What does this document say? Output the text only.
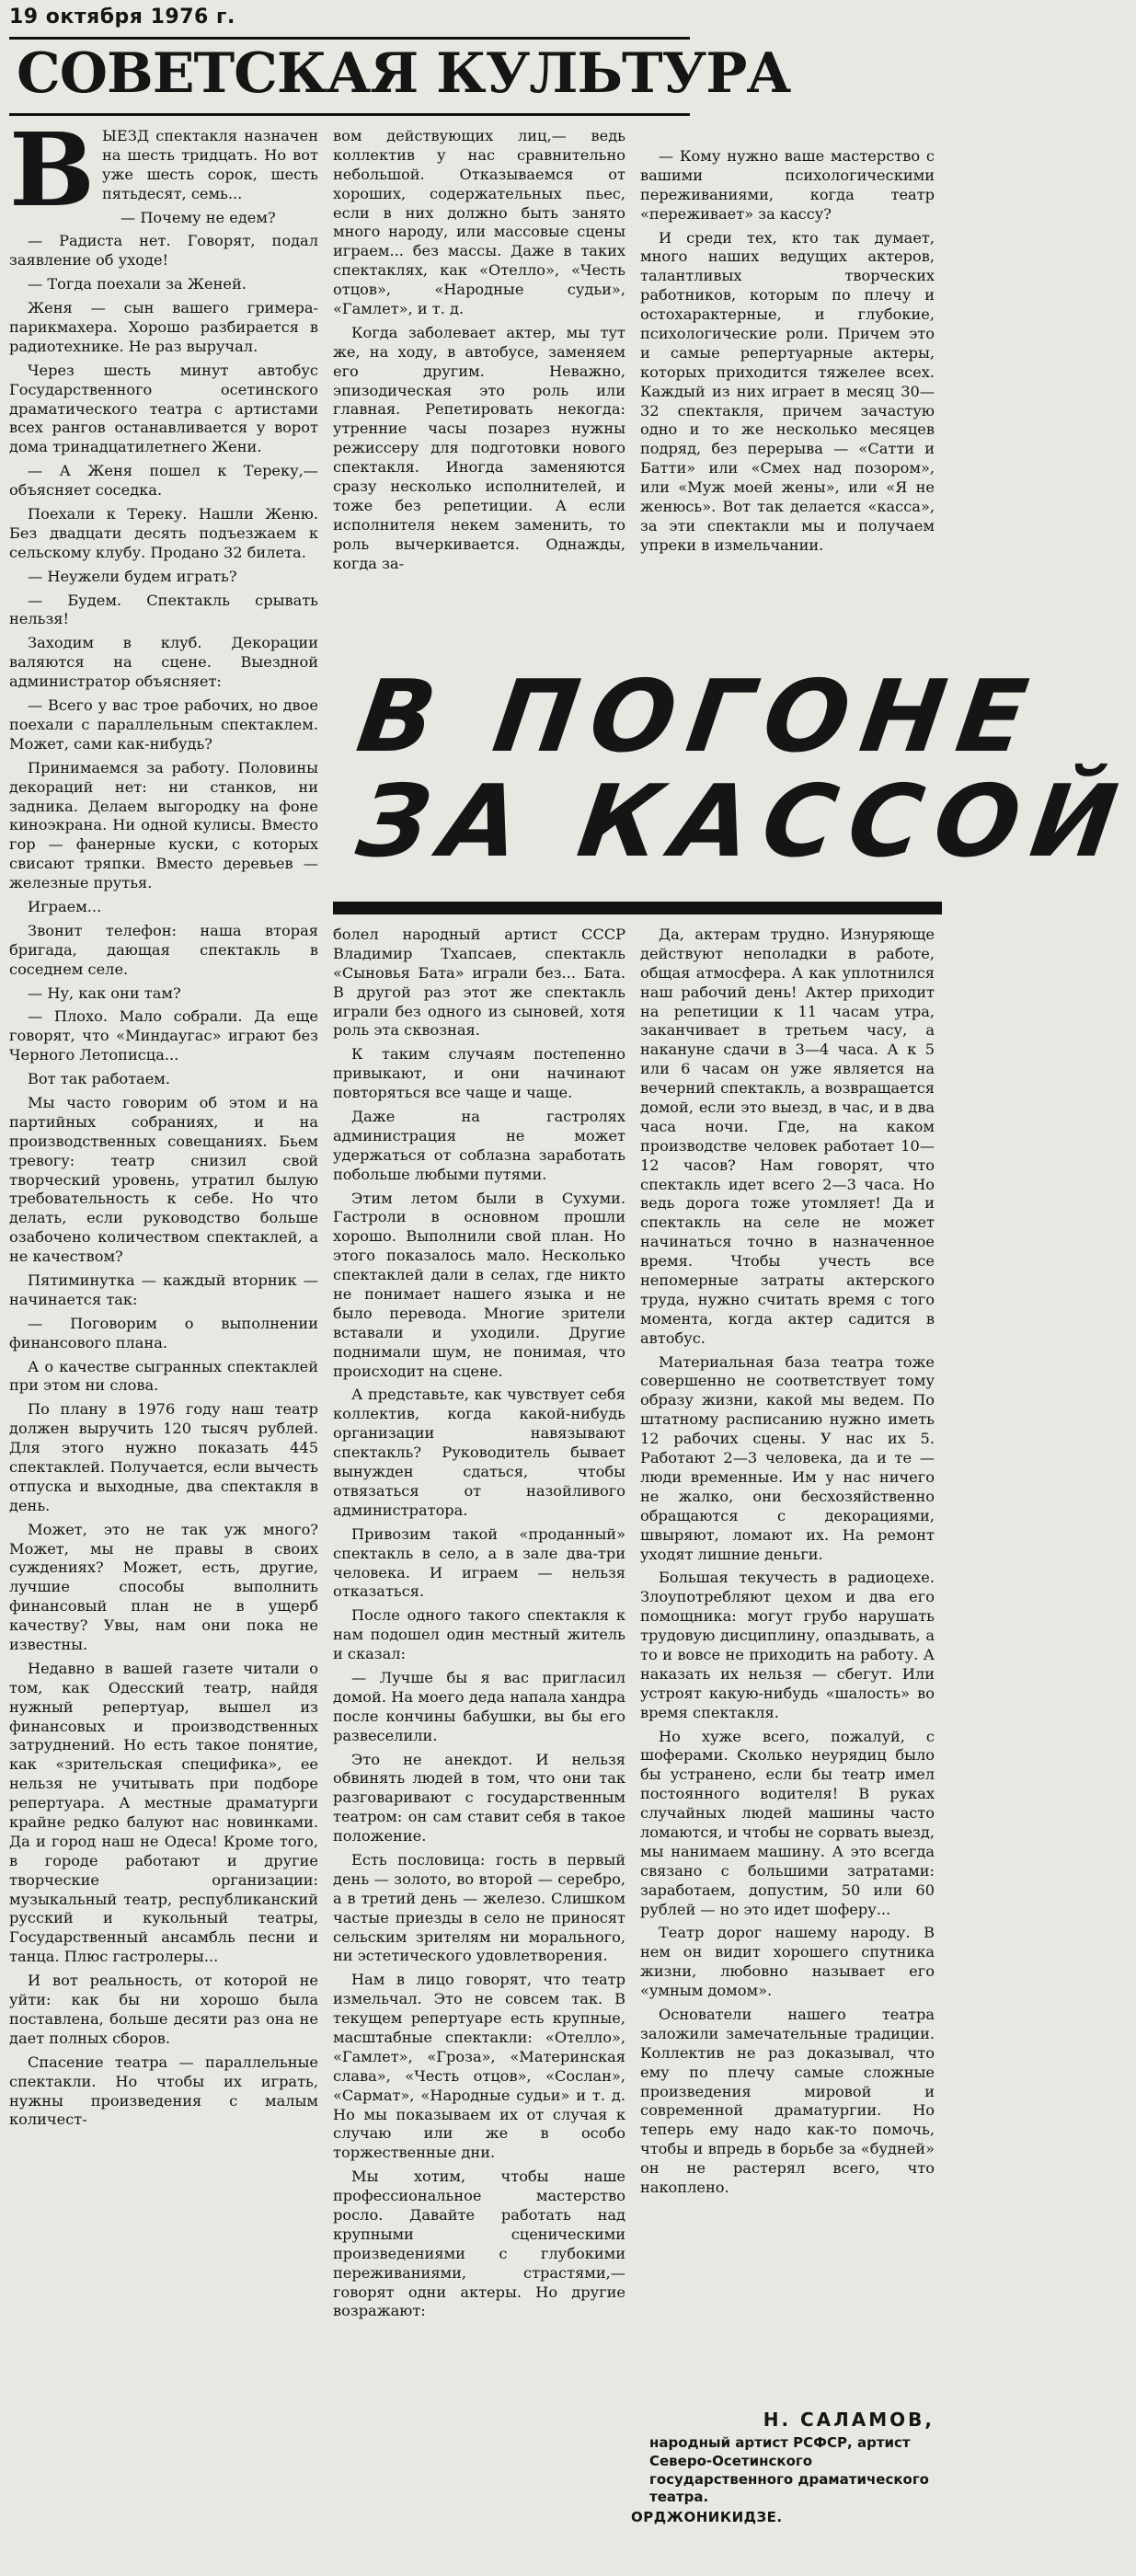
19 октября 1976 г.
СОВЕТСКАЯ КУЛЬТУРА
В ЫЕЗД спектакля назначен на шесть тридцать. Но вот уже шесть сорок, шесть пятьдесят, семь...

— Почему не едем?

— Радиста нет. Говорят, подал заявление об уходе!

— Тогда поехали за Женей.

Женя — сын вашего гримера-парикмахера. Хорошо разбирается в радиотехнике. Не раз выручал.

Через шесть минут автобус Государственного осетинского драматического театра с артистами всех рангов останавливается у ворот дома тринадцатилетнего Жени.

— А Женя пошел к Тереку,— объясняет соседка.

Поехали к Тереку. Нашли Женю. Без двадцати десять подъезжаем к сельскому клубу. Продано 32 билета.

— Неужели будем играть?

— Будем. Спектакль срывать нельзя!

Заходим в клуб. Декорации валяются на сцене. Выездной администратор объясняет:

— Всего у вас трое рабочих, но двое поехали с параллельным спектаклем. Может, сами как-нибудь?

Принимаемся за работу. Половины декораций нет: ни станков, ни задника. Делаем выгородку на фоне киноэкрана. Ни одной кулисы. Вместо гор — фанерные куски, с которых свисают тряпки. Вместо деревьев — железные прутья.

Играем...

Звонит телефон: наша вторая бригада, дающая спектакль в соседнем селе.

— Ну, как они там?

— Плохо. Мало собрали. Да еще говорят, что «Миндаугас» играют без Черного Летописца...

Вот так работаем.

Мы часто говорим об этом и на партийных собраниях, и на производственных совещаниях. Бьем тревогу: театр снизил свой творческий уровень, утратил былую требовательность к себе. Но что делать, если руководство больше озабочено количеством спектаклей, а не качеством?

Пятиминутка — каждый вторник — начинается так:

— Поговорим о выполнении финансового плана.

А о качестве сыгранных спектаклей при этом ни слова.

По плану в 1976 году наш театр должен выручить 120 тысяч рублей. Для этого нужно показать 445 спектаклей. Получается, если вычесть отпуска и выходные, два спектакля в день.

Может, это не так уж много? Может, мы не правы в своих суждениях? Может, есть, другие, лучшие способы выполнить финансовый план не в ущерб качеству? Увы, нам они пока не известны.

Недавно в вашей газете читали о том, как Одесский театр, найдя нужный репертуар, вышел из финансовых и производственных затруднений. Но есть такое понятие, как «зрительская специфика», ее нельзя не учитывать при подборе репертуара. А местные драматурги крайне редко балуют нас новинками. Да и город наш не Одеса! Кроме того, в городе работают и другие творческие организации: музыкальный театр, республиканский русский и кукольный театры, Государственный ансамбль песни и танца. Плюс гастролеры...

И вот реальность, от которой не уйти: как бы ни хорошо была поставлена, больше десяти раз она не дает полных сборов.

Спасение театра — параллельные спектакли. Но чтобы их играть, нужны произведения с малым количест-

вом действующих лиц,— ведь коллектив у нас сравнительно небольшой. Отказываемся от хороших, содержательных пьес, если в них должно быть занято много народу, или массовые сцены играем... без массы. Даже в таких спектаклях, как «Отелло», «Честь отцов», «Народные судьи», «Гамлет», и т. д.

Когда заболевает актер, мы тут же, на ходу, в автобусе, заменяем его другим. Неважно, эпизодическая это роль или главная. Репетировать некогда: утренние часы позарез нужны режиссеру для подготовки нового спектакля. Иногда заменяются сразу несколько исполнителей, и тоже без репетиции. А если исполнителя некем заменить, то роль вычеркивается. Однажды, когда за-

— Кому нужно ваше мастерство с вашими психологическими переживаниями, когда театр «переживает» за кассу?

И среди тех, кто так думает, много наших ведущих актеров, талантливых творческих работников, которым по плечу и остохарактерные, и глубокие, психологические роли. Причем это и самые репертуарные актеры, которых приходится тяжелее всех. Каждый из них играет в месяц 30—32 спектакля, причем зачастую одно и то же несколько месяцев подряд, без перерыва — «Сатти и Батти» или «Смех над позором», или «Муж моей жены», или «Я не женюсь». Вот так делается «касса», за эти спектакли мы и получаем упреки в измельчании.

В ПОГОНЕ
ЗА КАССОЙ

болел народный артист СССР Владимир Тхапсаев, спектакль «Сыновья Бата» играли без... Бата. В другой раз этот же спектакль играли без одного из сыновей, хотя роль эта сквозная.

К таким случаям постепенно привыкают, и они начинают повторяться все чаще и чаще.

Даже на гастролях администрация не может удержаться от соблазна заработать побольше любыми путями.

Этим летом были в Сухуми. Гастроли в основном прошли хорошо. Выполнили свой план. Но этого показалось мало. Несколько спектаклей дали в селах, где никто не понимает нашего языка и не было перевода. Многие зрители вставали и уходили. Другие поднимали шум, не понимая, что происходит на сцене.

А представьте, как чувствует себя коллектив, когда какой-нибудь организации навязывают спектакль? Руководитель бывает вынужден сдаться, чтобы отвязаться от назойливого администратора.

Привозим такой «проданный» спектакль в село, а в зале два-три человека. И играем — нельзя отказаться.

После одного такого спектакля к нам подошел один местный житель и сказал:

— Лучше бы я вас пригласил домой. На моего деда напала хандра после кончины бабушки, вы бы его развеселили.

Это не анекдот. И нельзя обвинять людей в том, что они так разговаривают с государственным театром: он сам ставит себя в такое положение.

Есть пословица: гость в первый день — золото, во второй — серебро, а в третий день — железо. Слишком частые приезды в село не приносят сельским зрителям ни морального, ни эстетического удовлетворения.

Нам в лицо говорят, что театр измельчал. Это не совсем так. В текущем репертуаре есть крупные, масштабные спектакли: «Отелло», «Гамлет», «Гроза», «Материнская слава», «Честь отцов», «Сослан», «Сармат», «Народные судьи» и т. д. Но мы показываем их от случая к случаю или же в особо торжественные дни.

Мы хотим, чтобы наше профессиональное мастерство росло. Давайте работать над крупными сценическими произведениями с глубокими переживаниями, страстями,— говорят одни актеры. Но другие возражают:

Да, актерам трудно. Изнуряюще действуют неполадки в работе, общая атмосфера. А как уплотнился наш рабочий день! Актер приходит на репетиции к 11 часам утра, заканчивает в третьем часу, а накануне сдачи в 3—4 часа. А к 5 или 6 часам он уже является на вечерний спектакль, а возвращается домой, если это выезд, в час, и в два часа ночи. Где, на каком производстве человек работает 10—12 часов? Нам говорят, что спектакль идет всего 2—3 часа. Но ведь дорога тоже утомляет! Да и спектакль на селе не может начинаться точно в назначенное время. Чтобы учесть все непомерные затраты актерского труда, нужно считать время с того момента, когда актер садится в автобус.

Материальная база театра тоже совершенно не соответствует тому образу жизни, какой мы ведем. По штатному расписанию нужно иметь 12 рабочих сцены. У нас их 5. Работают 2—3 человека, да и те — люди временные. Им у нас ничего не жалко, они бесхозяйственно обращаются с декорациями, швыряют, ломают их. На ремонт уходят лишние деньги.

Большая текучесть в радиоцехе. Злоупотребляют цехом и два его помощника: могут грубо нарушать трудовую дисциплину, опаздывать, а то и вовсе не приходить на работу. А наказать их нельзя — сбегут. Или устроят какую-нибудь «шалость» во время спектакля.

Но хуже всего, пожалуй, с шоферами. Сколько неурядиц было бы устранено, если бы театр имел постоянного водителя! В руках случайных людей машины часто ломаются, и чтобы не сорвать выезд, мы нанимаем машину. А это всегда связано с большими затратами: заработаем, допустим, 50 или 60 рублей — но это идет шоферу...

Театр дорог нашему народу. В нем он видит хорошего спутника жизни, любовно называет его «умным домом».

Основатели нашего театра заложили замечательные традиции. Коллектив не раз доказывал, что ему по плечу самые сложные произведения мировой и современной драматургии. Но теперь ему надо как-то помочь, чтобы и впредь в борьбе за «будней» он не растерял всего, что накоплено.

Н. САЛАМОВ,
народный артист РСФСР, артист Северо-Осетинского государственного драматического театра.
ОРДЖОНИКИДЗЕ.
